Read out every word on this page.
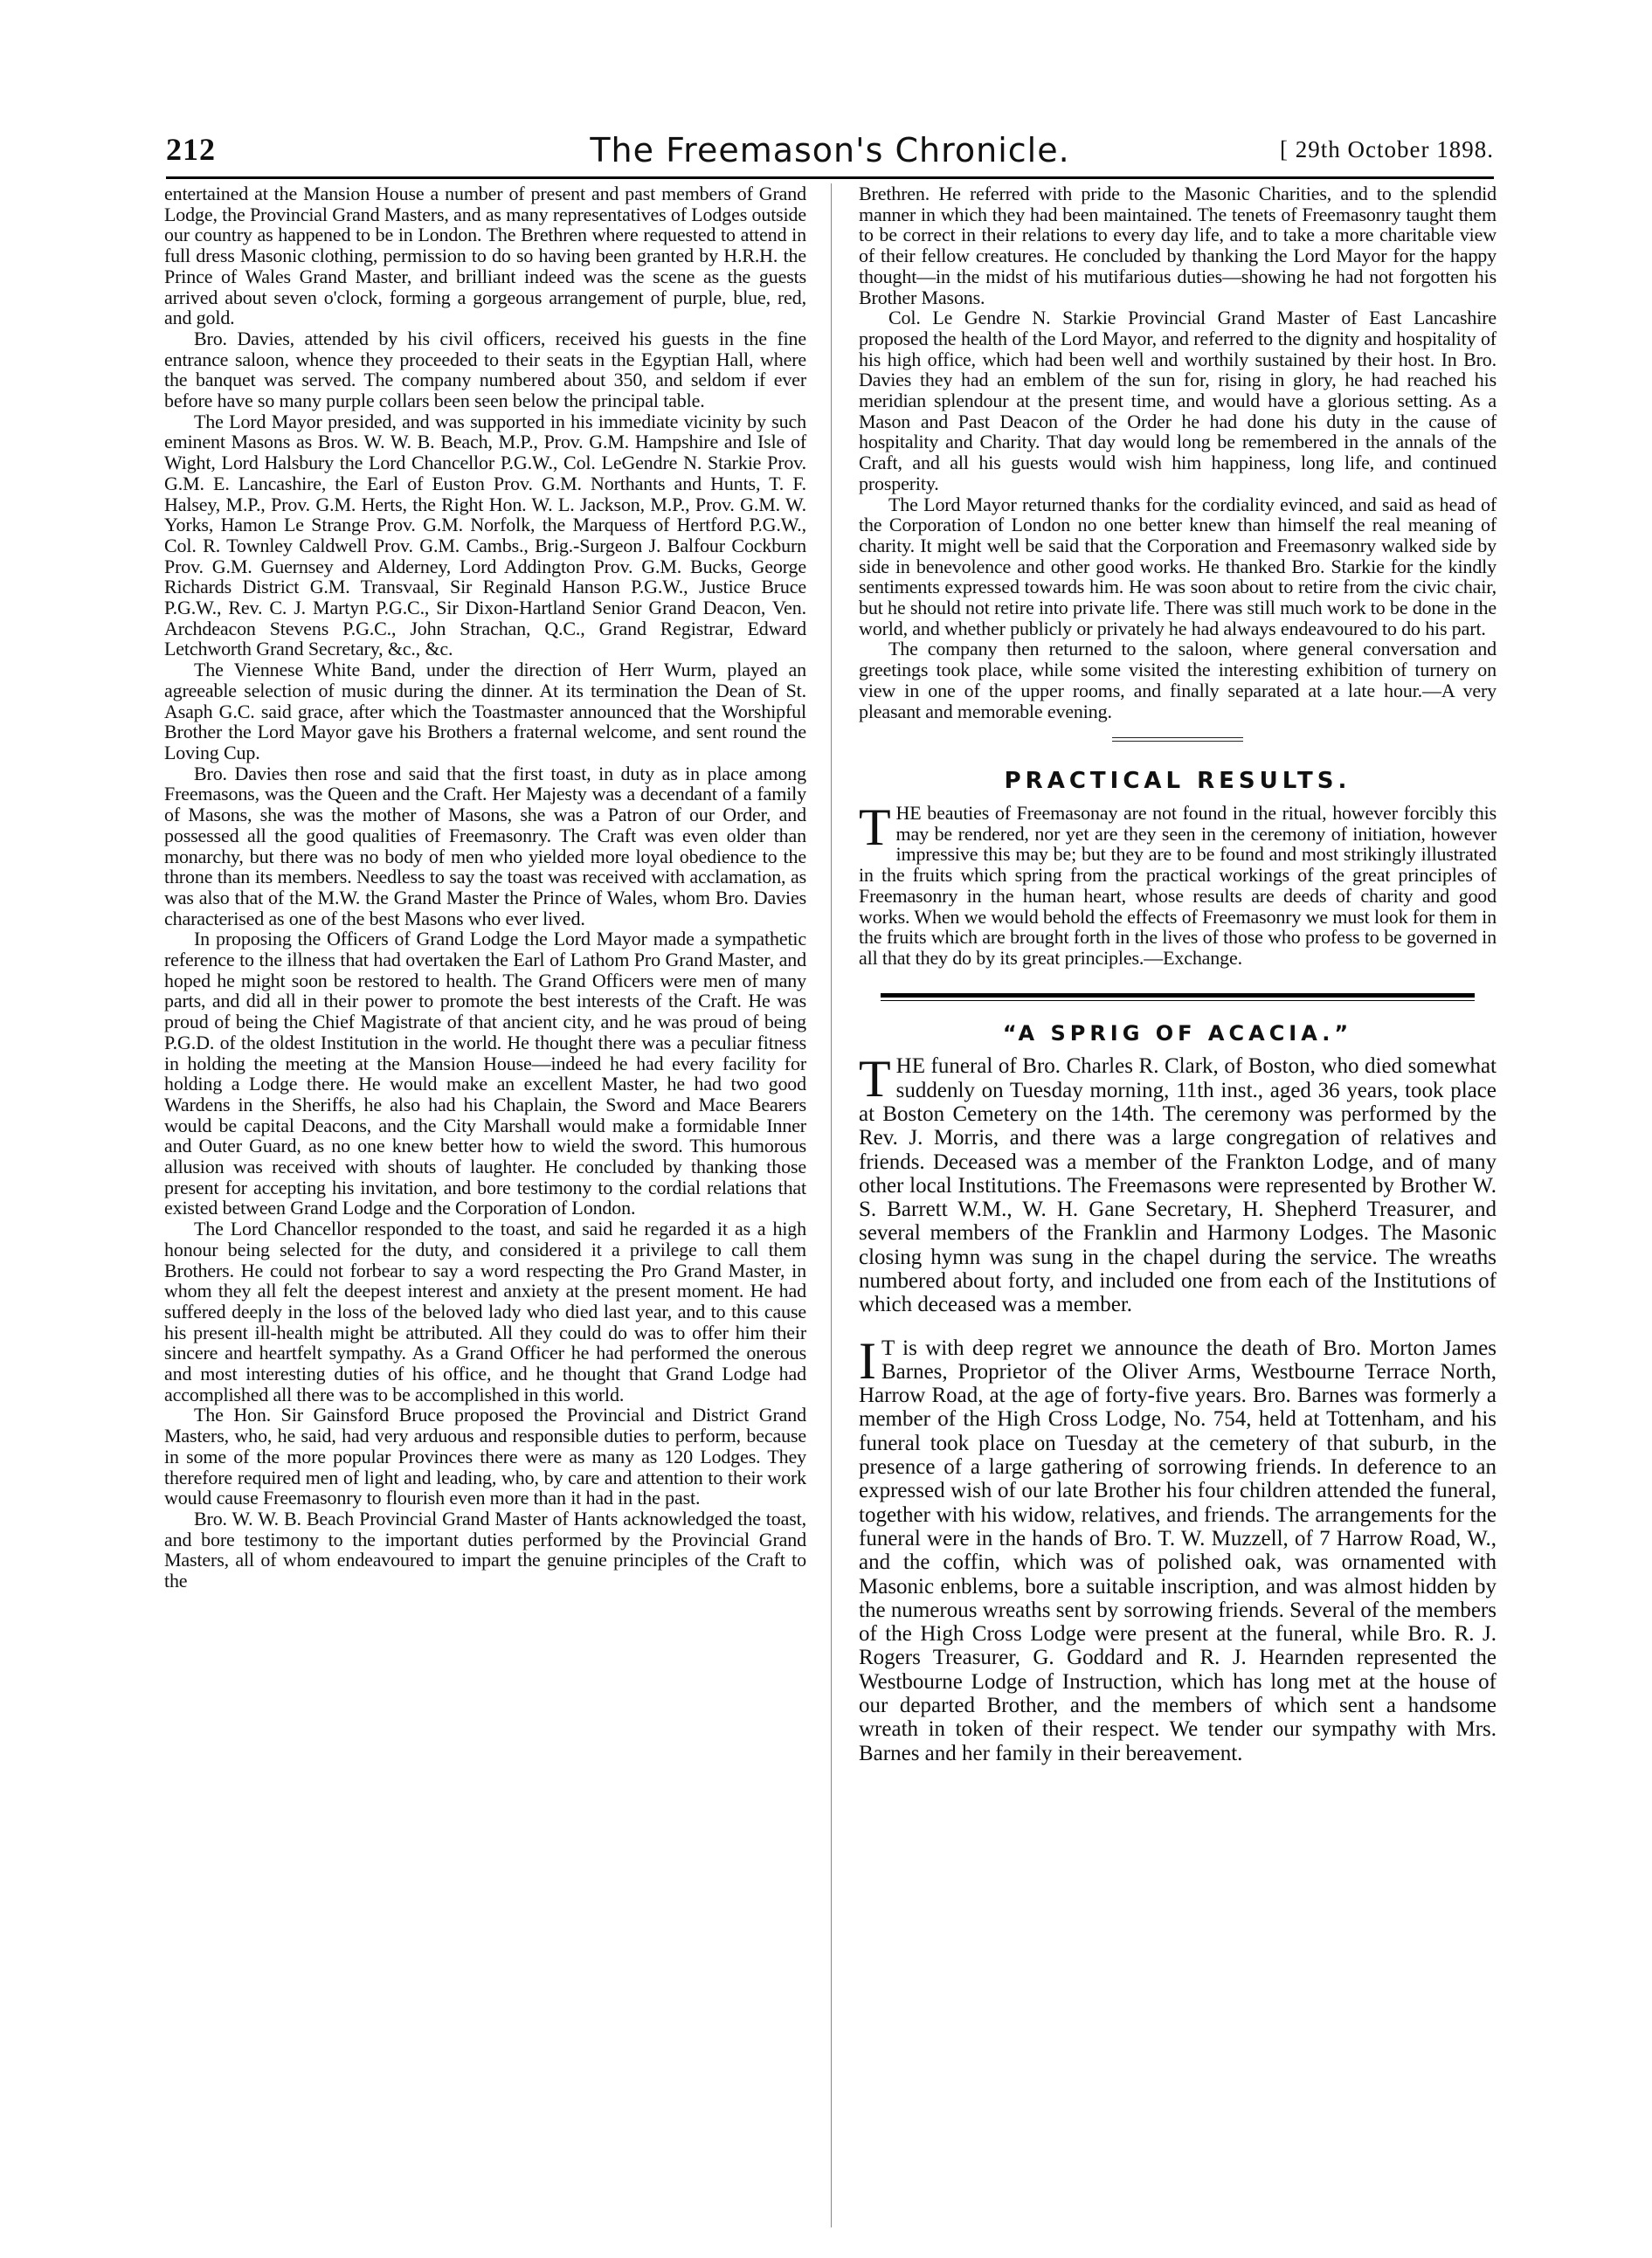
212	The Freemason's Chronicle.	[ 29th October 1898.

entertained at the Mansion House a number of present and past members of Grand Lodge, the Provincial Grand Masters, and as many representatives of Lodges outside our country as happened to be in London. The Brethren where requested to attend in full dress Masonic clothing, permission to do so having been granted by H.R.H. the Prince of Wales Grand Master, and brilliant indeed was the scene as the guests arrived about seven o'clock, forming a gorgeous arrangement of purple, blue, red, and gold.

Bro. Davies, attended by his civil officers, received his guests in the fine entrance saloon, whence they proceeded to their seats in the Egyptian Hall, where the banquet was served. The company numbered about 350, and seldom if ever before have so many purple collars been seen below the principal table.

The Lord Mayor presided, and was supported in his immediate vicinity by such eminent Masons as Bros. W. W. B. Beach, M.P., Prov. G.M. Hampshire and Isle of Wight, Lord Halsbury the Lord Chancellor P.G.W., Col. LeGendre N. Starkie Prov. G.M. E. Lancashire, the Earl of Euston Prov. G.M. Northants and Hunts, T. F. Halsey, M.P., Prov. G.M. Herts, the Right Hon. W. L. Jackson, M.P., Prov. G.M. W. Yorks, Hamon Le Strange Prov. G.M. Norfolk, the Marquess of Hertford P.G.W., Col. R. Townley Caldwell Prov. G.M. Cambs., Brig.-Surgeon J. Balfour Cockburn Prov. G.M. Guernsey and Alderney, Lord Addington Prov. G.M. Bucks, George Richards District G.M. Transvaal, Sir Reginald Hanson P.G.W., Justice Bruce P.G.W., Rev. C. J. Martyn P.G.C., Sir Dixon-Hartland Senior Grand Deacon, Ven. Archdeacon Stevens P.G.C., John Strachan, Q.C., Grand Registrar, Edward Letchworth Grand Secretary, &c., &c.

The Viennese White Band, under the direction of Herr Wurm, played an agreeable selection of music during the dinner. At its termination the Dean of St. Asaph G.C. said grace, after which the Toastmaster announced that the Worshipful Brother the Lord Mayor gave his Brothers a fraternal welcome, and sent round the Loving Cup.

Bro. Davies then rose and said that the first toast, in duty as in place among Freemasons, was the Queen and the Craft. Her Majesty was a decendant of a family of Masons, she was the mother of Masons, she was a Patron of our Order, and possessed all the good qualities of Freemasonry. The Craft was even older than monarchy, but there was no body of men who yielded more loyal obedience to the throne than its members. Needless to say the toast was received with acclamation, as was also that of the M.W. the Grand Master the Prince of Wales, whom Bro. Davies characterised as one of the best Masons who ever lived.

In proposing the Officers of Grand Lodge the Lord Mayor made a sympathetic reference to the illness that had overtaken the Earl of Lathom Pro Grand Master, and hoped he might soon be restored to health. The Grand Officers were men of many parts, and did all in their power to promote the best interests of the Craft. He was proud of being the Chief Magistrate of that ancient city, and he was proud of being P.G.D. of the oldest Institution in the world. He thought there was a peculiar fitness in holding the meeting at the Mansion House—indeed he had every facility for holding a Lodge there. He would make an excellent Master, he had two good Wardens in the Sheriffs, he also had his Chaplain, the Sword and Mace Bearers would be capital Deacons, and the City Marshall would make a formidable Inner and Outer Guard, as no one knew better how to wield the sword. This humorous allusion was received with shouts of laughter. He concluded by thanking those present for accepting his invitation, and bore testimony to the cordial relations that existed between Grand Lodge and the Corporation of London.

The Lord Chancellor responded to the toast, and said he regarded it as a high honour being selected for the duty, and considered it a privilege to call them Brothers. He could not forbear to say a word respecting the Pro Grand Master, in whom they all felt the deepest interest and anxiety at the present moment. He had suffered deeply in the loss of the beloved lady who died last year, and to this cause his present ill-health might be attributed. All they could do was to offer him their sincere and heartfelt sympathy. As a Grand Officer he had performed the onerous and most interesting duties of his office, and he thought that Grand Lodge had accomplished all there was to be accomplished in this world.

The Hon. Sir Gainsford Bruce proposed the Provincial and District Grand Masters, who, he said, had very arduous and responsible duties to perform, because in some of the more popular Provinces there were as many as 120 Lodges. They therefore required men of light and leading, who, by care and attention to their work would cause Freemasonry to flourish even more than it had in the past.

Bro. W. W. B. Beach Provincial Grand Master of Hants acknowledged the toast, and bore testimony to the important duties performed by the Provincial Grand Masters, all of whom endeavoured to impart the genuine principles of the Craft to the

Brethren. He referred with pride to the Masonic Charities, and to the splendid manner in which they had been maintained. The tenets of Freemasonry taught them to be correct in their relations to every day life, and to take a more charitable view of their fellow creatures. He concluded by thanking the Lord Mayor for the happy thought—in the midst of his mutifarious duties—showing he had not forgotten his Brother Masons.

Col. Le Gendre N. Starkie Provincial Grand Master of East Lancashire proposed the health of the Lord Mayor, and referred to the dignity and hospitality of his high office, which had been well and worthily sustained by their host. In Bro. Davies they had an emblem of the sun for, rising in glory, he had reached his meridian splendour at the present time, and would have a glorious setting. As a Mason and Past Deacon of the Order he had done his duty in the cause of hospitality and Charity. That day would long be remembered in the annals of the Craft, and all his guests would wish him happiness, long life, and continued prosperity.

The Lord Mayor returned thanks for the cordiality evinced, and said as head of the Corporation of London no one better knew than himself the real meaning of charity. It might well be said that the Corporation and Freemasonry walked side by side in benevolence and other good works. He thanked Bro. Starkie for the kindly sentiments expressed towards him. He was soon about to retire from the civic chair, but he should not retire into private life. There was still much work to be done in the world, and whether publicly or privately he had always endeavoured to do his part.

The company then returned to the saloon, where general conversation and greetings took place, while some visited the interesting exhibition of turnery on view in one of the upper rooms, and finally separated at a late hour.—A very pleasant and memorable evening.

PRACTICAL RESULTS.
T HE beauties of Freemasonay are not found in the ritual, however forcibly this may be rendered, nor yet are they seen in the ceremony of initiation, however impressive this may be; but they are to be found and most strikingly illustrated in the fruits which spring from the practical workings of the great principles of Freemasonry in the human heart, whose results are deeds of charity and good works. When we would behold the effects of Freemasonry we must look for them in the fruits which are brought forth in the lives of those who profess to be governed in all that they do by its great principles.—Exchange.

“A SPRIG OF ACACIA.”
T HE funeral of Bro. Charles R. Clark, of Boston, who died somewhat suddenly on Tuesday morning, 11th inst., aged 36 years, took place at Boston Cemetery on the 14th. The ceremony was performed by the Rev. J. Morris, and there was a large congregation of relatives and friends. Deceased was a member of the Frankton Lodge, and of many other local Institutions. The Freemasons were represented by Brother W. S. Barrett W.M., W. H. Gane Secretary, H. Shepherd Treasurer, and several members of the Franklin and Harmony Lodges. The Masonic closing hymn was sung in the chapel during the service. The wreaths numbered about forty, and included one from each of the Institutions of which deceased was a member.

I T is with deep regret we announce the death of Bro. Morton James Barnes, Proprietor of the Oliver Arms, Westbourne Terrace North, Harrow Road, at the age of forty-five years. Bro. Barnes was formerly a member of the High Cross Lodge, No. 754, held at Tottenham, and his funeral took place on Tuesday at the cemetery of that suburb, in the presence of a large gathering of sorrowing friends. In deference to an expressed wish of our late Brother his four children attended the funeral, together with his widow, relatives, and friends. The arrangements for the funeral were in the hands of Bro. T. W. Muzzell, of 7 Harrow Road, W., and the coffin, which was of polished oak, was ornamented with Masonic enblems, bore a suitable inscription, and was almost hidden by the numerous wreaths sent by sorrowing friends. Several of the members of the High Cross Lodge were present at the funeral, while Bro. R. J. Rogers Treasurer, G. Goddard and R. J. Hearnden represented the Westbourne Lodge of Instruction, which has long met at the house of our departed Brother, and the members of which sent a handsome wreath in token of their respect. We tender our sympathy with Mrs. Barnes and her family in their bereavement.
